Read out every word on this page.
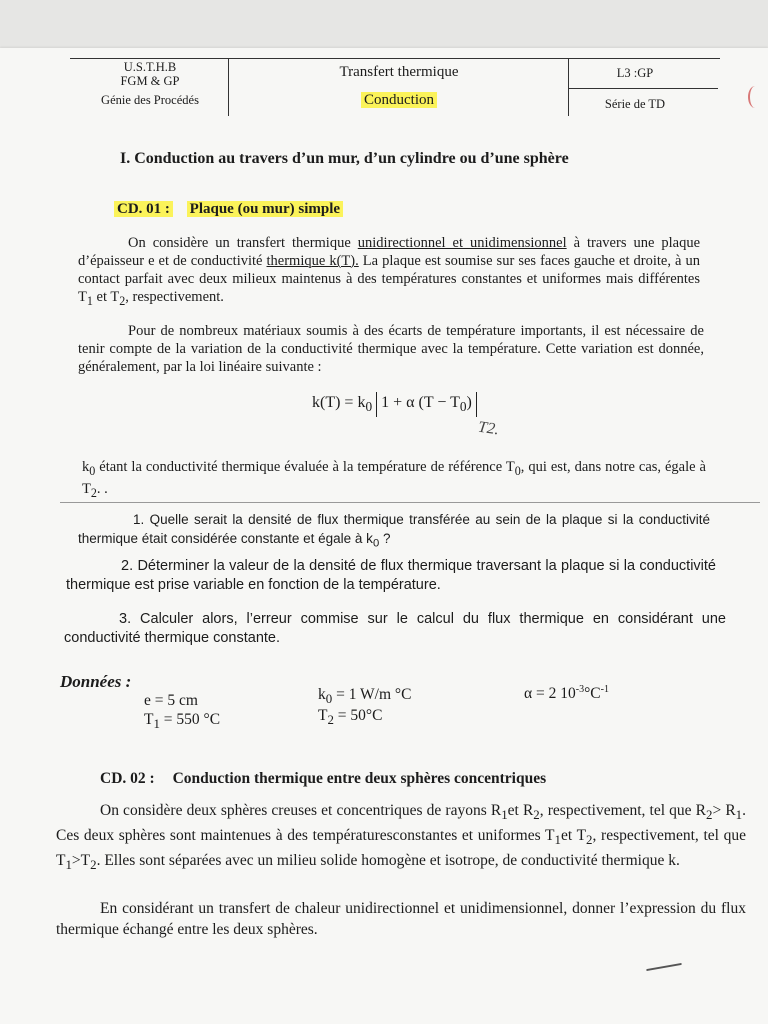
U.S.T.H.B
FGM & GP
Génie des Procédés
Transfert thermique
Conduction
L3 :GP
Série de TD
I. Conduction au travers d’un mur, d’un cylindre ou d’une sphère
CD. 01 : Plaque (ou mur) simple
On considère un transfert thermique unidirectionnel et unidimensionnel à travers une plaque d’épaisseur e et de conductivité thermique k(T). La plaque est soumise sur ses faces gauche et droite, à un contact parfait avec deux milieux maintenus à des températures constantes et uniformes mais différentes $T_1$ et $T_2$, respectivement.
Pour de nombreux matériaux soumis à des écarts de température importants, il est nécessaire de tenir compte de la variation de la conductivité thermique avec la température. Cette variation est donnée, généralement, par la loi linéaire suivante :
$k(T) = k_0$ 1 + α $(T - T_0)$
T2.
$k_0$ étant la conductivité thermique évaluée à la température de référence $T_0$, qui est, dans notre cas, égale à $T_2$. .
1. Quelle serait la densité de flux thermique transférée au sein de la plaque si la conductivité thermique était considérée constante et égale à $k_0$ ?
2. Déterminer la valeur de la densité de flux thermique traversant la plaque si la conductivité thermique est prise variable en fonction de la température.
3. Calculer alors, l’erreur commise sur le calcul du flux thermique en considérant une conductivité thermique constante.
Données :
e = 5 cm
$T_1 = 550$ °C
$k_0 = 1$ W/m °C
$T_2 = 50^\circ C$
α = 2 $10^{-3}^\circ C^{-1}$
CD. 02 : Conduction thermique entre deux sphères concentriques
On considère deux sphères creuses et concentriques de rayons $R_1et$ $R_2$, respectivement, tel que $R_2> R_1$. Ces deux sphères sont maintenues à des températuresconstantes et uniformes $T_1et$ $T_2$, respectivement, tel que $T_1>T_2$. Elles sont séparées avec un milieu solide homogène et isotrope, de conductivité thermique k.
En considérant un transfert de chaleur unidirectionnel et unidimensionnel, donner l’expression du flux thermique échangé entre les deux sphères.
